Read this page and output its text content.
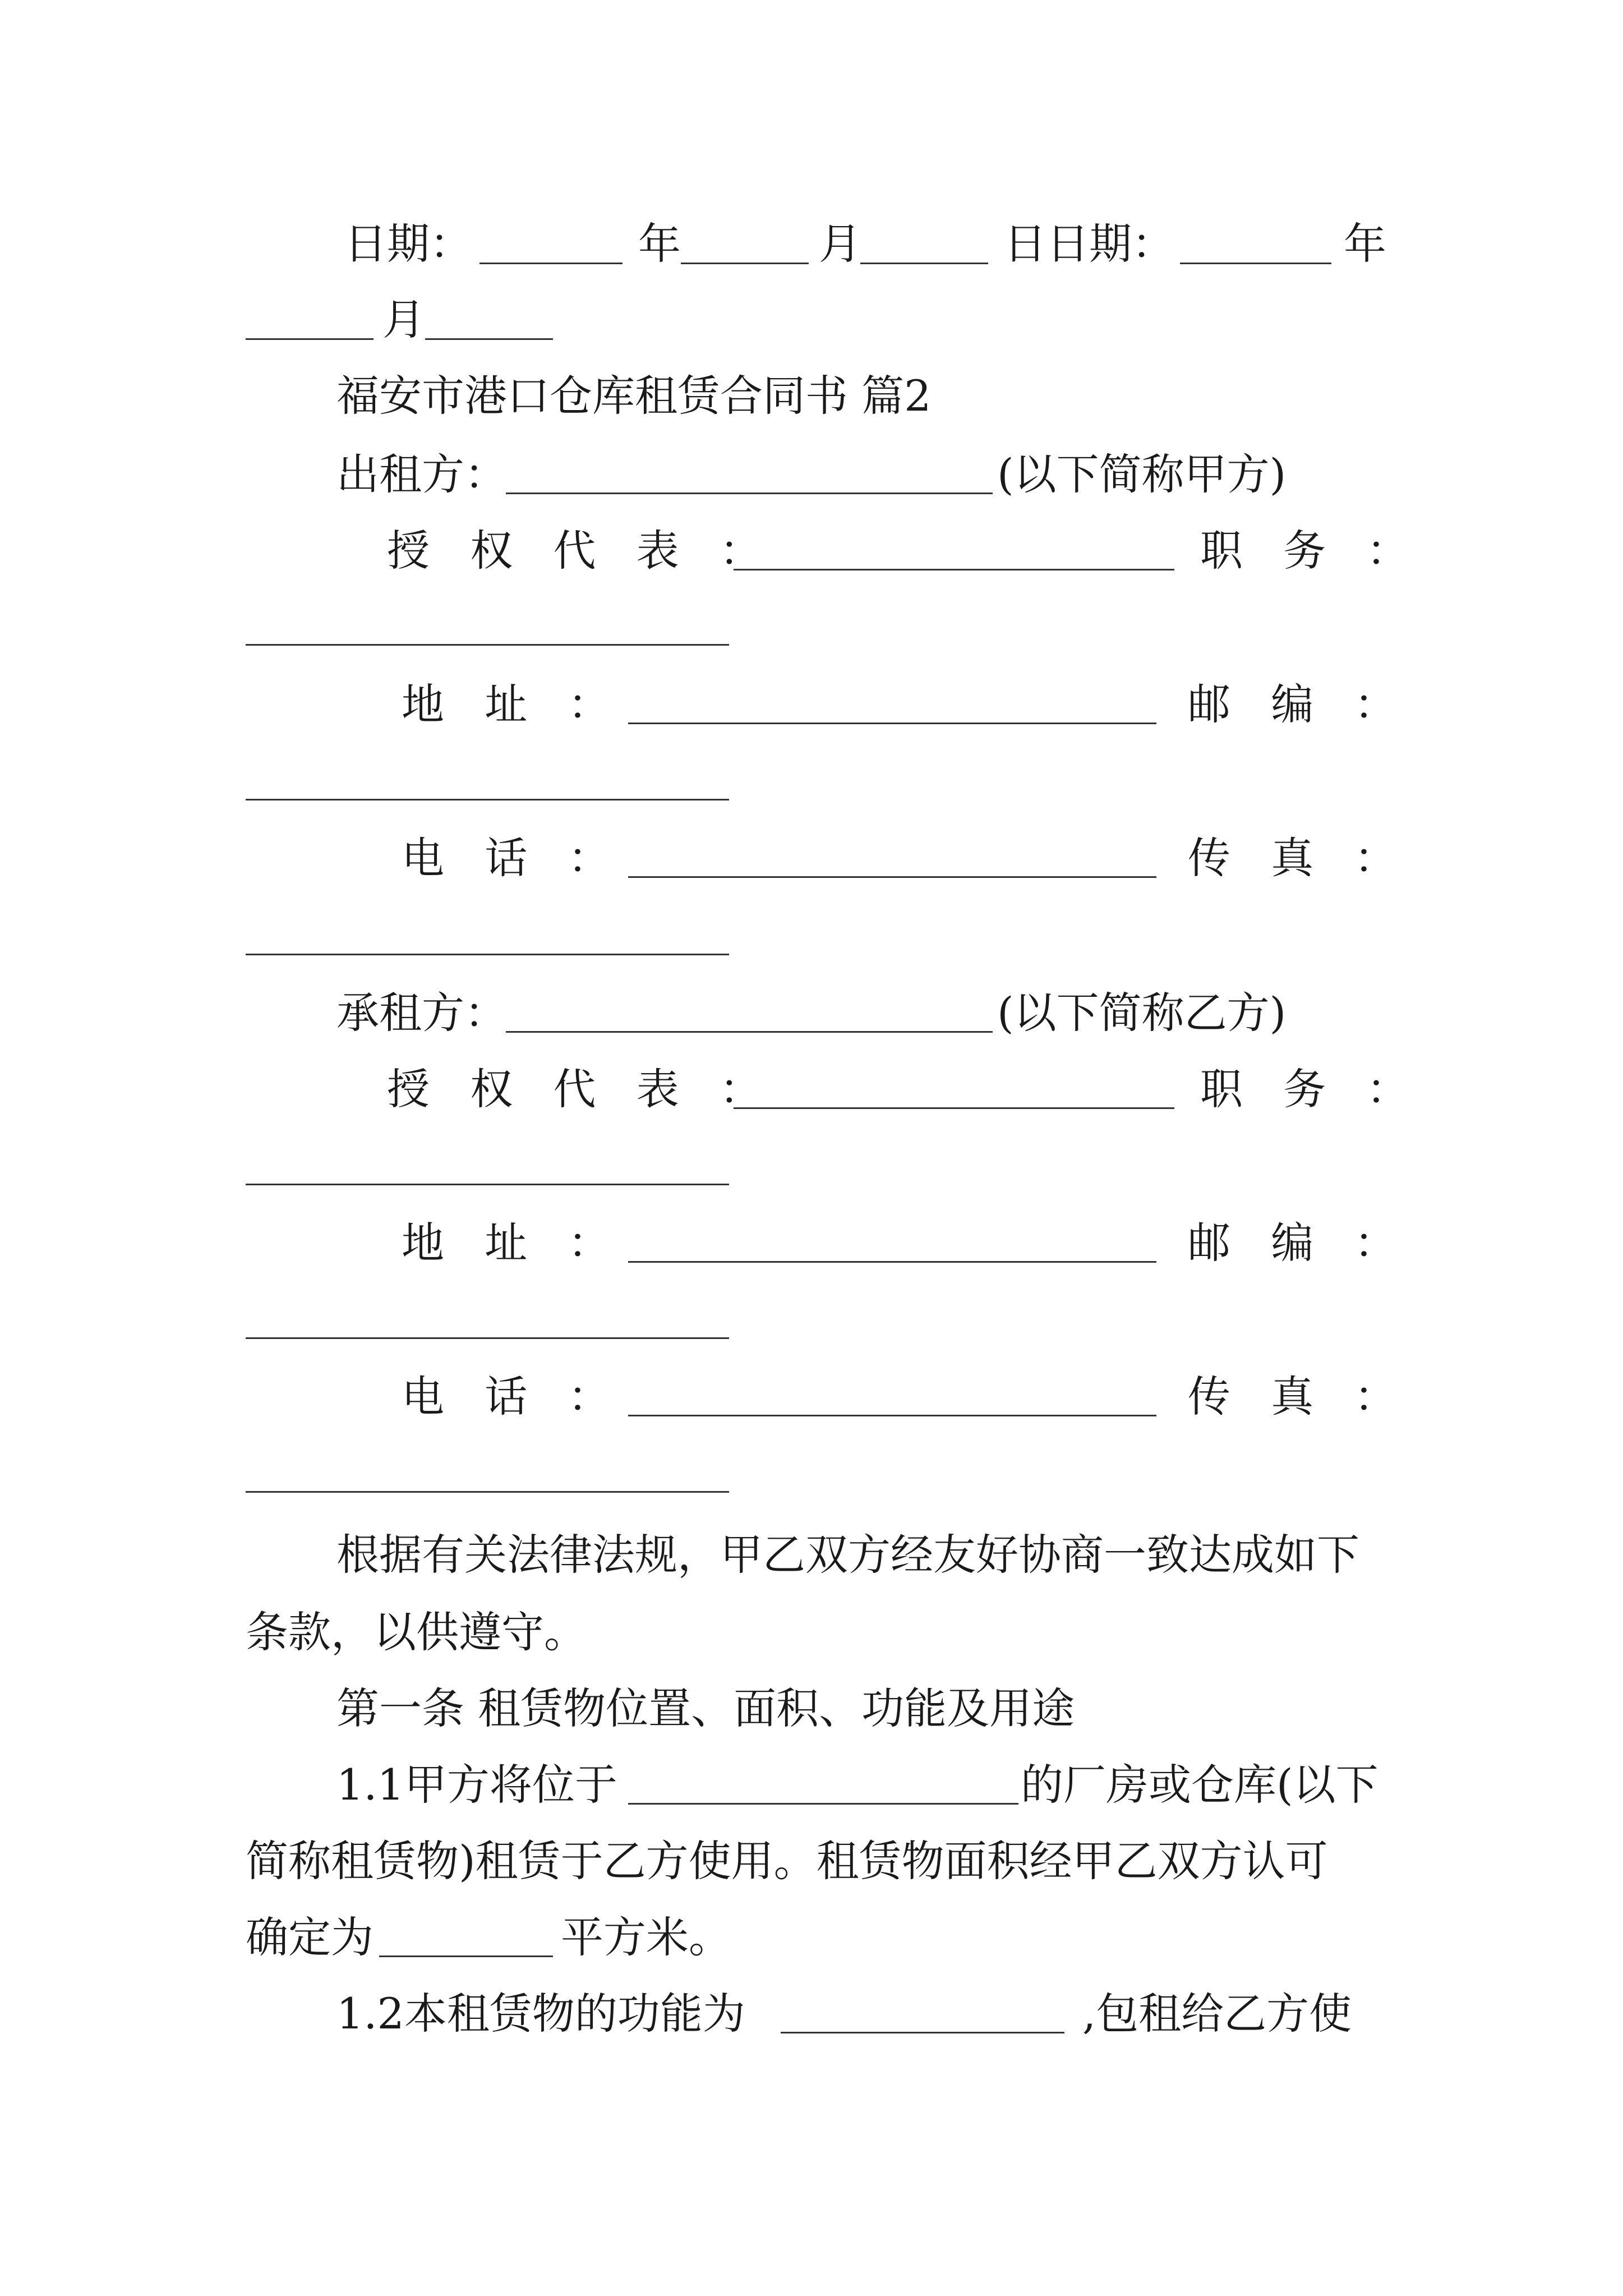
日期：	年	月	日日期：	年
月
福安市港口仓库租赁合同书 篇2
出租方：	(以下简称甲方)
授权代表：	职务：
地址：	邮编：
电话：	传真：
承租方：	(以下简称乙方)
授权代表：	职务：
地址：	邮编：
电话：	传真：
根据有关法律法规，甲乙双方经友好协商一致达成如下
条款，以供遵守。
第一条 租赁物位置、面积、功能及用途
1.1甲方将位于	的厂房或仓库(以下
简称租赁物)租赁于乙方使用。租赁物面积经甲乙双方认可
确定为	平方米。
1.2本租赁物的功能为	,包租给乙方使
